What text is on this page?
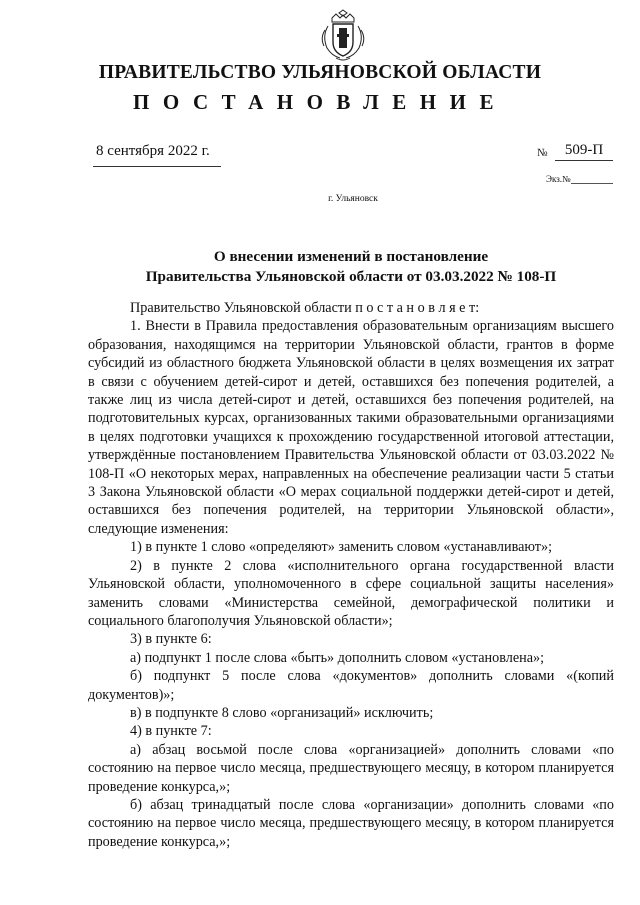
ПРАВИТЕЛЬСТВО УЛЬЯНОВСКОЙ ОБЛАСТИ
ПОСТАНОВЛЕНИЕ
8 сентября 2022 г.	№	509-П
Экз.№
г. Ульяновск
О внесении изменений в постановление
Правительства Ульяновской области от 03.03.2022 № 108-П

Правительство Ульяновской области п о с т а н о в л я е т:

1. Внести в Правила предоставления образовательным организациям высшего образования, находящимся на территории Ульяновской области, грантов в форме субсидий из областного бюджета Ульяновской области в целях возмещения их затрат в связи с обучением детей-сирот и детей, оставшихся без попечения родителей, а также лиц из числа детей-сирот и детей, оставшихся без попечения родителей, на подготовительных курсах, организованных такими образовательными организациями в целях подготовки учащихся к прохождению государственной итоговой аттестации, утверждённые постановлением Правительства Ульяновской области от 03.03.2022 № 108-П «О некоторых мерах, направленных на обеспечение реализации части 5 статьи 3 Закона Ульяновской области «О мерах социальной поддержки детей-сирот и детей, оставшихся без попечения родителей, на территории Ульяновской области», следующие изменения:

1) в пункте 1 слово «определяют» заменить словом «устанавливают»;

2) в пункте 2 слова «исполнительного органа государственной власти Ульяновской области, уполномоченного в сфере социальной защиты населения» заменить словами «Министерства семейной, демографической политики и социального благополучия Ульяновской области»;

3) в пункте 6:

а) подпункт 1 после слова «быть» дополнить словом «установлена»;

б) подпункт 5 после слова «документов» дополнить словами «(копий документов)»;

в) в подпункте 8 слово «организаций» исключить;

4) в пункте 7:

а) абзац восьмой после слова «организацией» дополнить словами «по состоянию на первое число месяца, предшествующего месяцу, в котором планируется проведение конкурса,»;

б) абзац тринадцатый после слова «организации» дополнить словами «по состоянию на первое число месяца, предшествующего месяцу, в котором планируется проведение конкурса,»;
